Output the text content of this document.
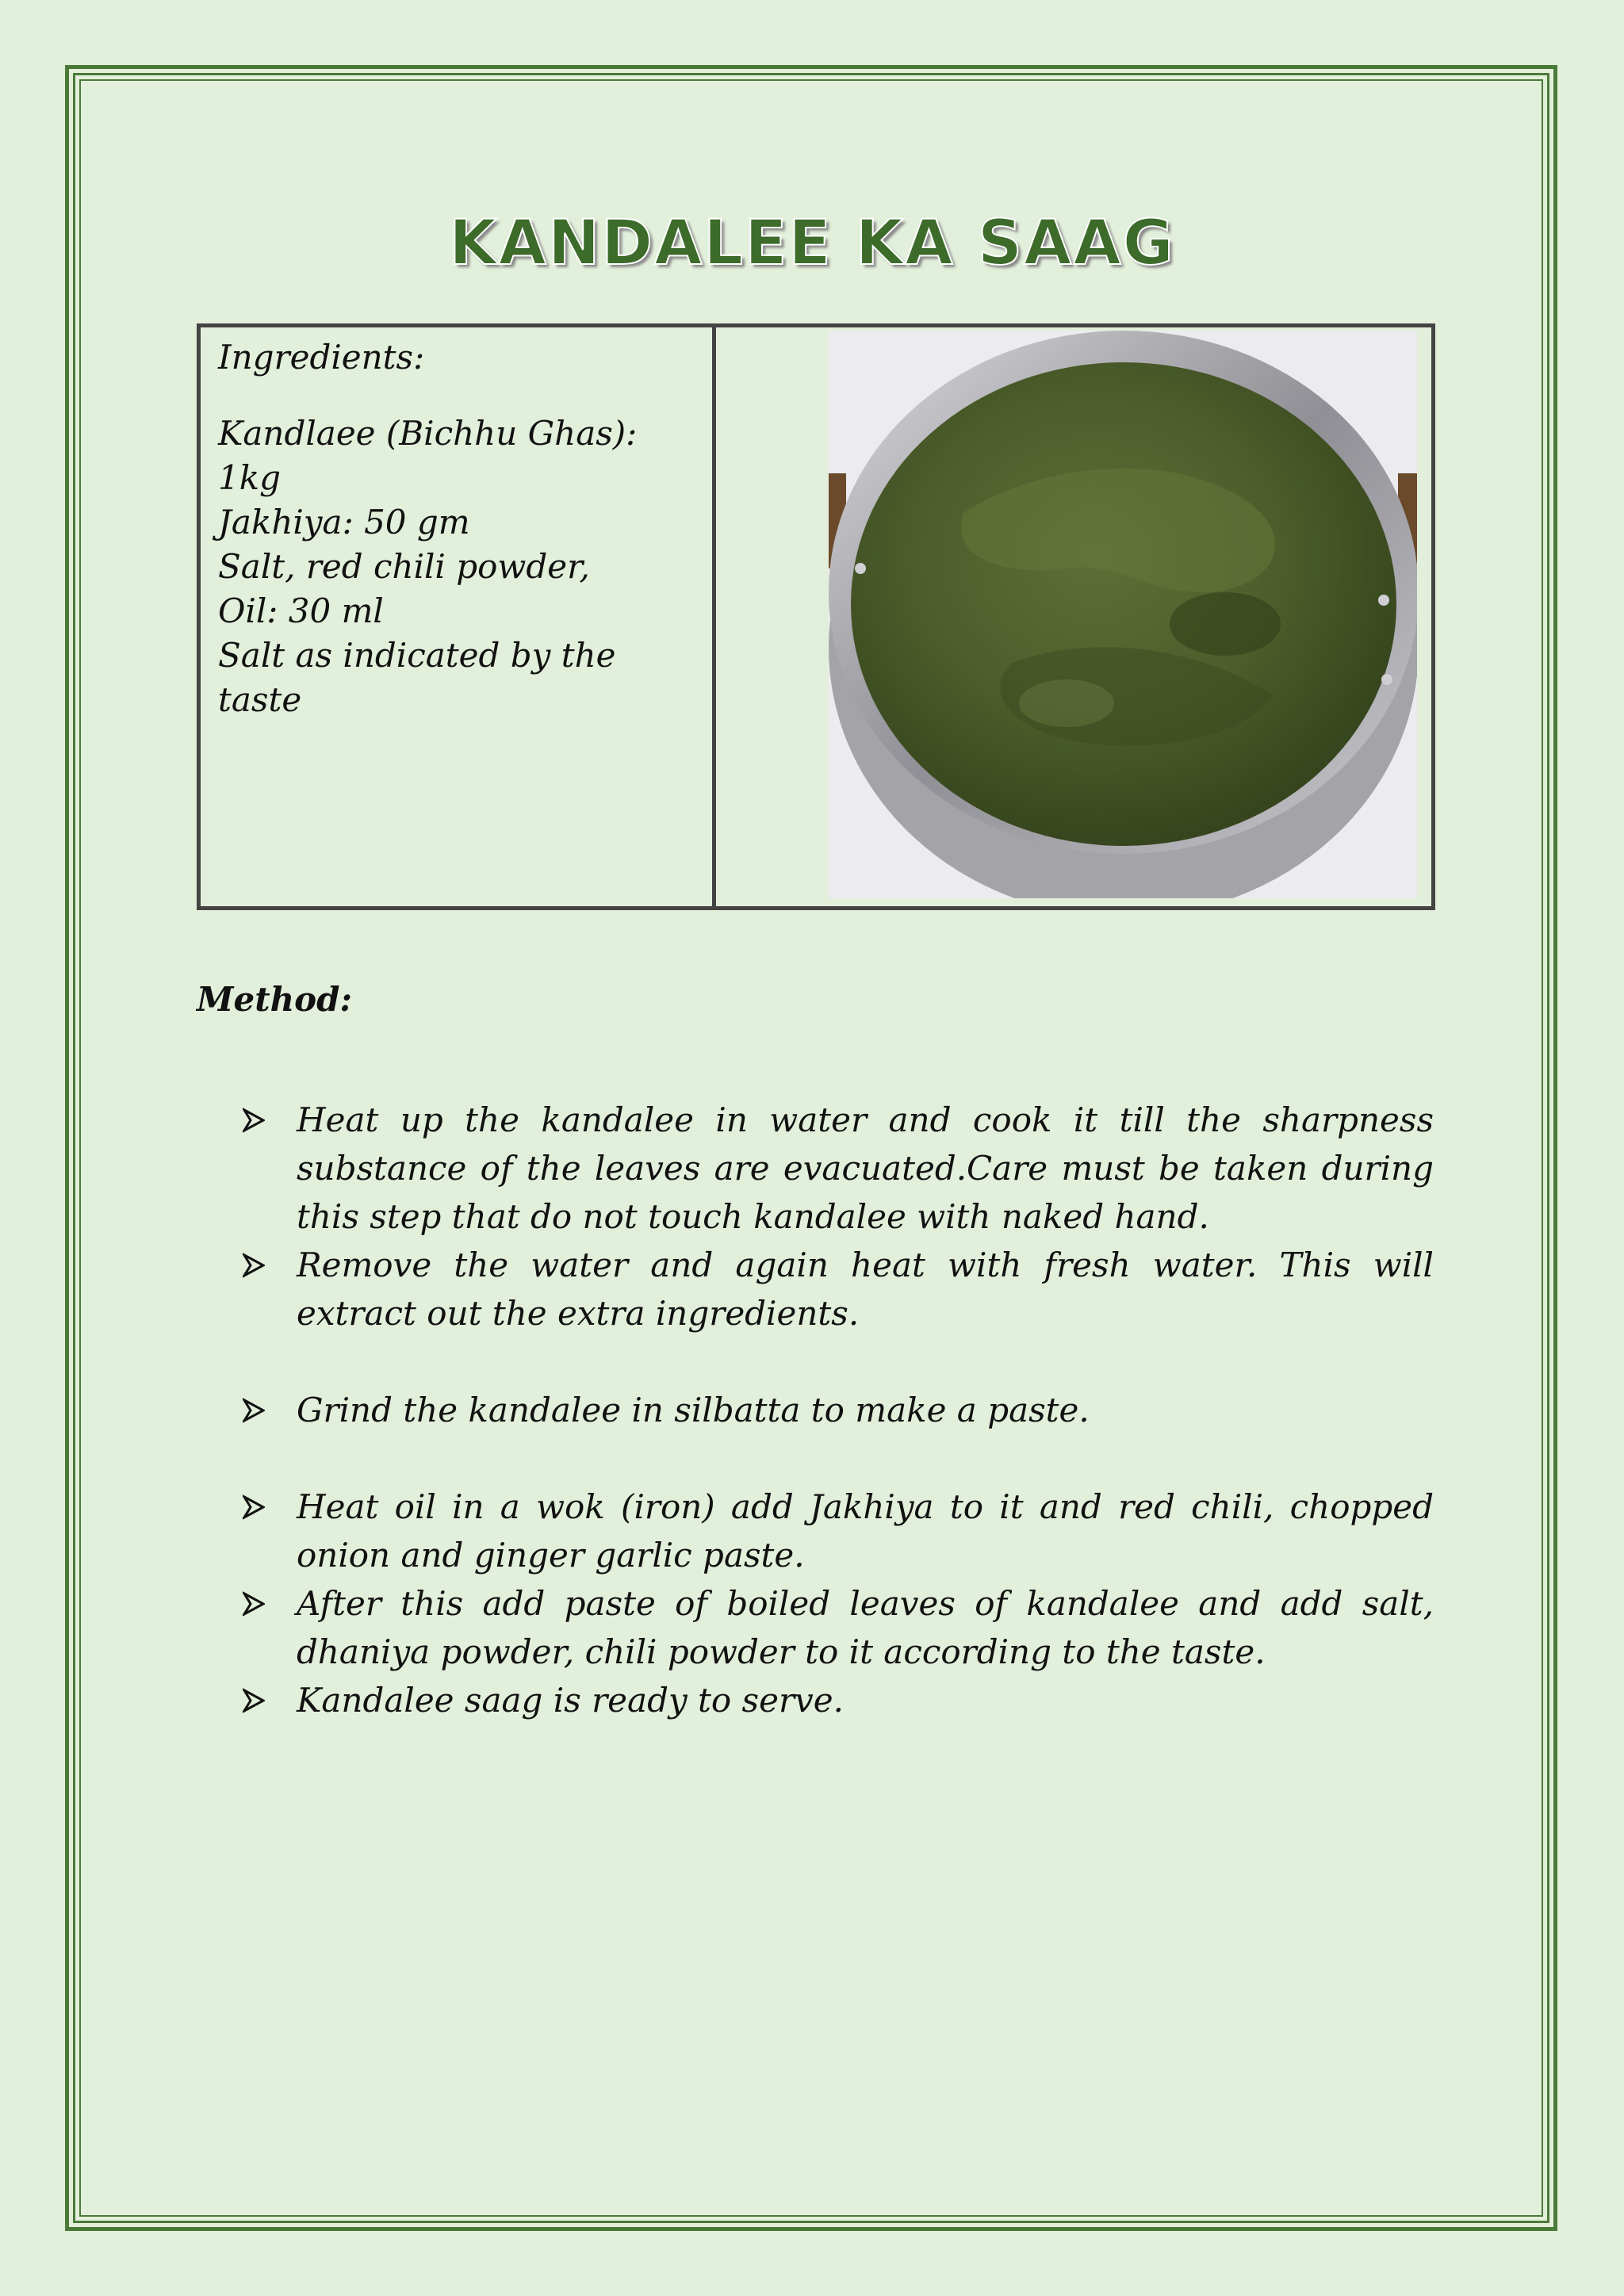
KANDALEE KA SAAG
Ingredients:
Kandlaee (Bichhu Ghas):
1kg
Jakhiya: 50 gm
Salt, red chili powder,
Oil: 30 ml
Salt as indicated by the
taste
Method:
Heat up the kandalee in water and cook it till the sharpness substance of the leaves are evacuated.Care must be taken during this step that do not touch kandalee with naked hand.
Remove the water and again heat with fresh water. This will extract out the extra ingredients.
Grind the kandalee in silbatta to make a paste.
Heat oil in a wok (iron) add Jakhiya to it and red chili, chopped onion and ginger garlic paste.
After this add paste of boiled leaves of kandalee and add salt, dhaniya powder, chili powder to it according to the taste.
Kandalee saag is ready to serve.
